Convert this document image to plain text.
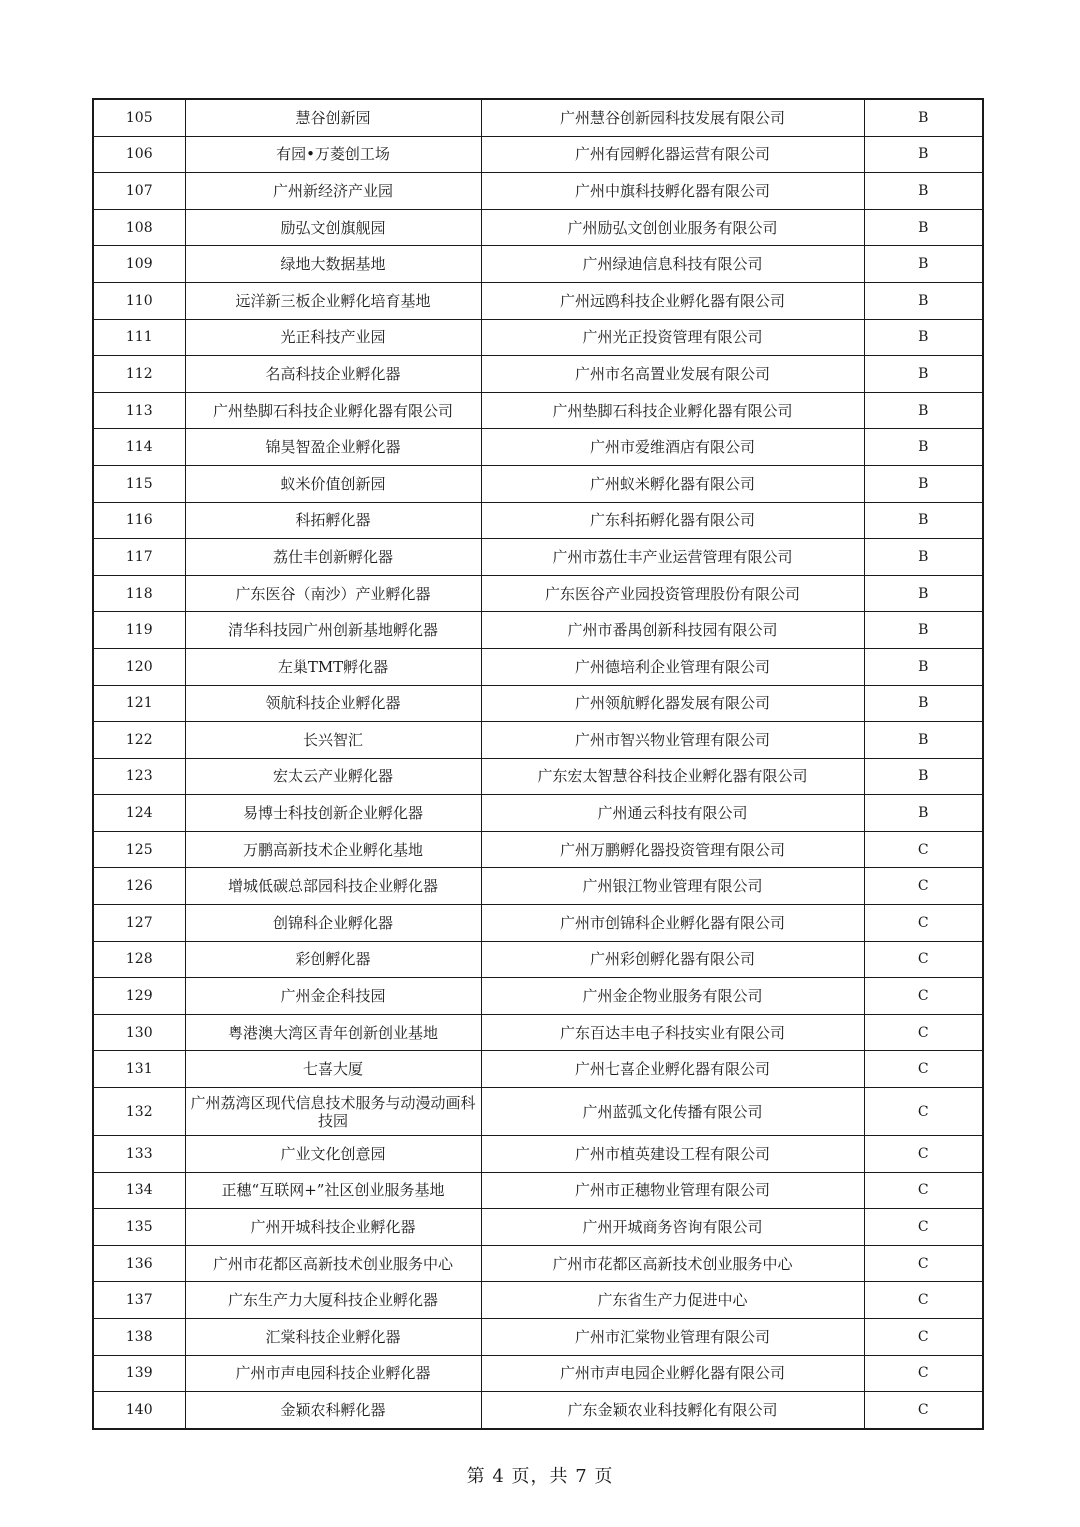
105	慧谷创新园	广州慧谷创新园科技发展有限公司	B
106	有园•万菱创工场	广州有园孵化器运营有限公司	B
107	广州新经济产业园	广州中旗科技孵化器有限公司	B
108	励弘文创旗舰园	广州励弘文创创业服务有限公司	B
109	绿地大数据基地	广州绿迪信息科技有限公司	B
110	远洋新三板企业孵化培育基地	广州远鸥科技企业孵化器有限公司	B
111	光正科技产业园	广州光正投资管理有限公司	B
112	名高科技企业孵化器	广州市名高置业发展有限公司	B
113	广州垫脚石科技企业孵化器有限公司	广州垫脚石科技企业孵化器有限公司	B
114	锦昊智盈企业孵化器	广州市爱维酒店有限公司	B
115	蚁米价值创新园	广州蚁米孵化器有限公司	B
116	科拓孵化器	广东科拓孵化器有限公司	B
117	荔仕丰创新孵化器	广州市荔仕丰产业运营管理有限公司	B
118	广东医谷（南沙）产业孵化器	广东医谷产业园投资管理股份有限公司	B
119	清华科技园广州创新基地孵化器	广州市番禺创新科技园有限公司	B
120	左巢TMT孵化器	广州德培利企业管理有限公司	B
121	领航科技企业孵化器	广州领航孵化器发展有限公司	B
122	长兴智汇	广州市智兴物业管理有限公司	B
123	宏太云产业孵化器	广东宏太智慧谷科技企业孵化器有限公司	B
124	易博士科技创新企业孵化器	广州通云科技有限公司	B
125	万鹏高新技术企业孵化基地	广州万鹏孵化器投资管理有限公司	C
126	增城低碳总部园科技企业孵化器	广州银江物业管理有限公司	C
127	创锦科企业孵化器	广州市创锦科企业孵化器有限公司	C
128	彩创孵化器	广州彩创孵化器有限公司	C
129	广州金企科技园	广州金企物业服务有限公司	C
130	粤港澳大湾区青年创新创业基地	广东百达丰电子科技实业有限公司	C
131	七喜大厦	广州七喜企业孵化器有限公司	C
132	广州荔湾区现代信息技术服务与动漫动画科技园	广州蓝弧文化传播有限公司	C
133	广业文化创意园	广州市植英建设工程有限公司	C
134	正穗“互联网+”社区创业服务基地	广州市正穗物业管理有限公司	C
135	广州开城科技企业孵化器	广州开城商务咨询有限公司	C
136	广州市花都区高新技术创业服务中心	广州市花都区高新技术创业服务中心	C
137	广东生产力大厦科技企业孵化器	广东省生产力促进中心	C
138	汇棠科技企业孵化器	广州市汇棠物业管理有限公司	C
139	广州市声电园科技企业孵化器	广州市声电园企业孵化器有限公司	C
140	金颖农科孵化器	广东金颖农业科技孵化有限公司	C
第 4 页，共 7 页
